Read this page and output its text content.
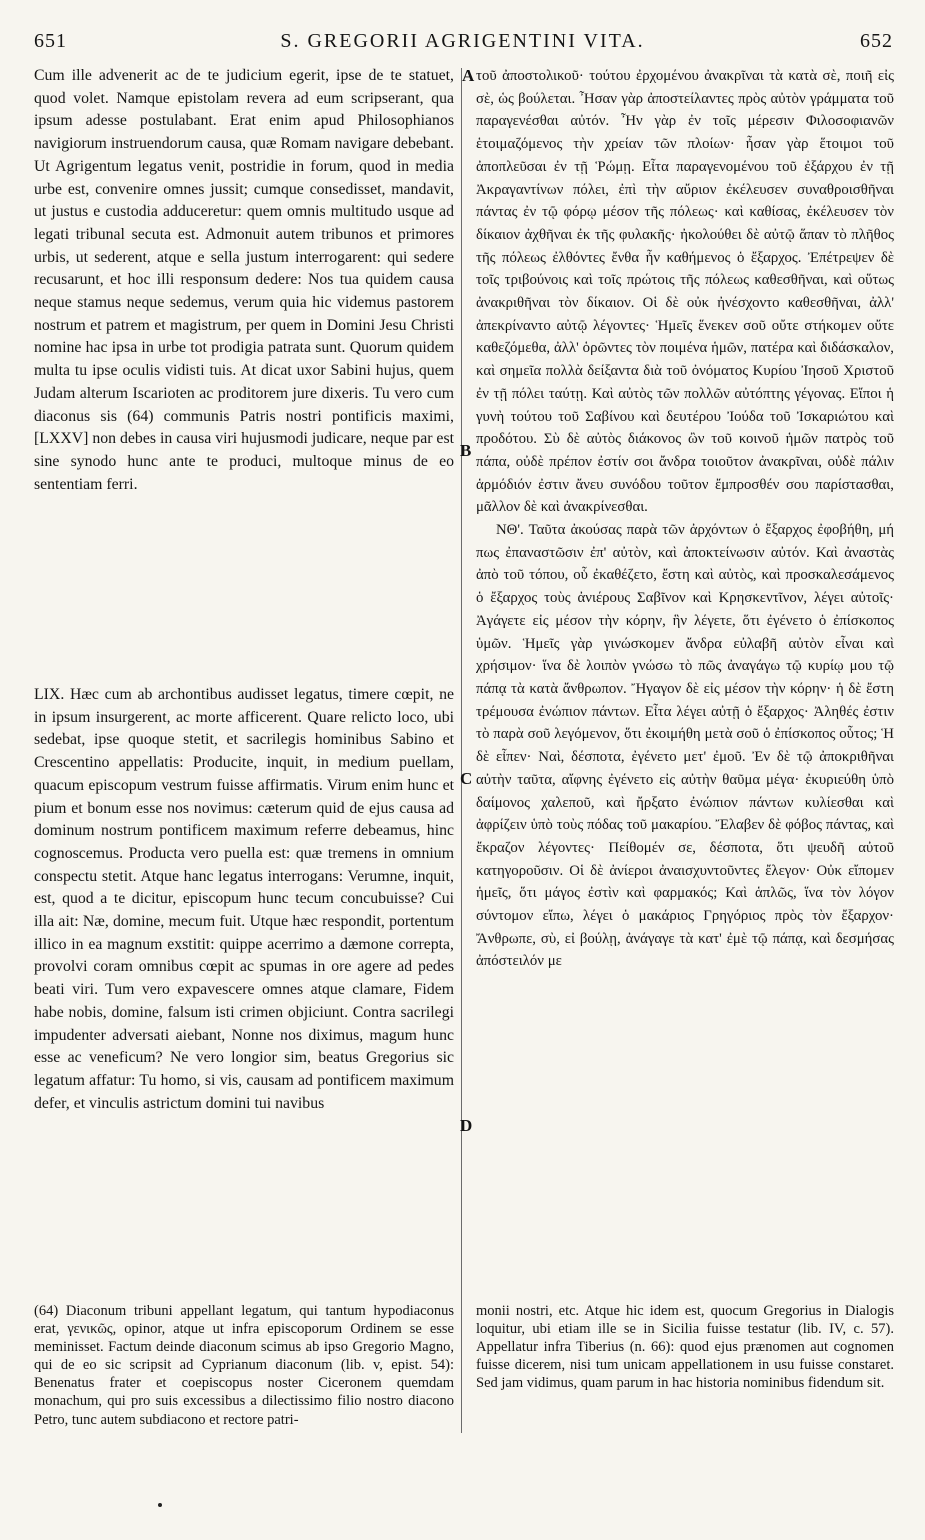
651	S. GREGORII AGRIGENTINI VITA.	652
A
B
C
D

Cum ille advenerit ac de te judicium egerit, ipse de te statuet, quod volet. Namque epistolam revera ad eum scripserant, qua ipsum adesse postulabant. Erat enim apud Philosophianos navigiorum instruendorum causa, quæ Romam navigare debebant. Ut Agrigentum legatus venit, postridie in forum, quod in media urbe est, convenire omnes jussit; cumque consedisset, mandavit, ut justus e custodia adduceretur: quem omnis multitudo usque ad legati tribunal secuta est. Admonuit autem tribunos et primores urbis, ut sederent, atque e sella justum interrogarent: qui sedere recusarunt, et hoc illi responsum dedere: Nos tua quidem causa neque stamus neque sedemus, verum quia hic videmus pastorem nostrum et patrem et magistrum, per quem in Domini Jesu Christi nomine hac ipsa in urbe tot prodigia patrata sunt. Quorum quidem multa tu ipse oculis vidisti tuis. At dicat uxor Sabini hujus, quem Judam alterum Iscarioten ac proditorem jure dixeris. Tu vero cum diaconus sis (64) communis Patris nostri pontificis maximi, [LXXV] non debes in causa viri hujusmodi judicare, neque par est sine synodo hunc ante te produci, multoque minus de eo sententiam ferri.

LIX. Hæc cum ab archontibus audisset legatus, timere cœpit, ne in ipsum insurgerent, ac morte afficerent. Quare relicto loco, ubi sedebat, ipse quoque stetit, et sacrilegis hominibus Sabino et Crescentino appellatis: Producite, inquit, in medium puellam, quacum episcopum vestrum fuisse affirmatis. Virum enim hunc et pium et bonum esse nos novimus: cæterum quid de ejus causa ad dominum nostrum pontificem maximum referre debeamus, hinc cognoscemus. Producta vero puella est: quæ tremens in omnium conspectu stetit. Atque hanc legatus interrogans: Verumne, inquit, est, quod a te dicitur, episcopum hunc tecum concubuisse? Cui illa ait: Næ, domine, mecum fuit. Utque hæc respondit, portentum illico in ea magnum exstitit: quippe acerrimo a dæmone correpta, provolvi coram omnibus cœpit ac spumas in ore agere ad pedes beati viri. Tum vero expavescere omnes atque clamare, Fidem habe nobis, domine, falsum isti crimen objiciunt. Contra sacrilegi impudenter adversati aiebant, Nonne nos diximus, magum hunc esse ac veneficum? Ne vero longior sim, beatus Gregorius sic legatum affatur: Tu homo, si vis, causam ad pontificem maximum defer, et vinculis astrictum domini tui navibus

τοῦ ἀποστολικοῦ· τούτου ἐρχομένου ἀνακρῖναι τὰ κατὰ σὲ, ποιῆ εἰς σὲ, ὡς βούλεται. Ἦσαν γὰρ ἀποστείλαντες πρὸς αὐτὸν γράμματα τοῦ παραγενέσθαι αὐτόν. Ἦν γὰρ ἐν τοῖς μέρεσιν Φιλοσοφιανῶν ἑτοιμαζόμενος τὴν χρείαν τῶν πλοίων· ἦσαν γὰρ ἕτοιμοι τοῦ ἀποπλεῦσαι ἐν τῇ Ῥώμῃ. Εἶτα παραγενομένου τοῦ ἐξάρχου ἐν τῇ Ἀκραγαντίνων πόλει, ἐπὶ τὴν αὔριον ἐκέλευσεν συναθροισθῆναι πάντας ἐν τῷ φόρῳ μέσον τῆς πόλεως· καὶ καθίσας, ἐκέλευσεν τὸν δίκαιον ἀχθῆναι ἐκ τῆς φυλακῆς· ἠκολούθει δὲ αὐτῷ ἅπαν τὸ πλῆθος τῆς πόλεως ἐλθόντες ἔνθα ἦν καθήμενος ὁ ἔξαρχος. Ἐπέτρεψεν δὲ τοῖς τριβούνοις καὶ τοῖς πρώτοις τῆς πόλεως καθεσθῆναι, καὶ οὕτως ἀνακριθῆναι τὸν δίκαιον. Οἱ δὲ οὐκ ἠνέσχοντο καθεσθῆναι, ἀλλ' ἀπεκρίναντο αὐτῷ λέγοντες· Ἡμεῖς ἕνεκεν σοῦ οὔτε στήκομεν οὔτε καθεζόμεθα, ἀλλ' ὁρῶντες τὸν ποιμένα ἡμῶν, πατέρα καὶ διδάσκαλον, καὶ σημεῖα πολλὰ δείξαντα διὰ τοῦ ὀνόματος Κυρίου Ἰησοῦ Χριστοῦ ἐν τῇ πόλει ταύτῃ. Καὶ αὐτὸς τῶν πολλῶν αὐτόπτης γέγονας. Εἴποι ἡ γυνὴ τούτου τοῦ Σαβίνου καὶ δευτέρου Ἰούδα τοῦ Ἰσκαριώτου καὶ προδότου. Σὺ δὲ αὐτὸς διάκονος ὢν τοῦ κοινοῦ ἡμῶν πατρὸς τοῦ πάπα, οὐδὲ πρέπον ἐστίν σοι ἄνδρα τοιοῦτον ἀνακρῖναι, οὐδὲ πάλιν ἁρμόδιόν ἐστιν ἄνευ συνόδου τοῦτον ἔμπροσθέν σου παρίστασθαι, μᾶλλον δὲ καὶ ἀνακρίνεσθαι.

ΝΘ'. Ταῦτα ἀκούσας παρὰ τῶν ἀρχόντων ὁ ἔξαρχος ἐφοβήθη, μή πως ἐπαναστῶσιν ἐπ' αὐτὸν, καὶ ἀποκτείνωσιν αὐτόν. Καὶ ἀναστὰς ἀπὸ τοῦ τόπου, οὗ ἐκαθέζετο, ἔστη καὶ αὐτὸς, καὶ προσκαλεσάμενος ὁ ἔξαρχος τοὺς ἀνιέρους Σαβῖνον καὶ Κρησκεντῖνον, λέγει αὐτοῖς· Ἀγάγετε εἰς μέσον τὴν κόρην, ἣν λέγετε, ὅτι ἐγένετο ὁ ἐπίσκοπος ὑμῶν. Ἡμεῖς γὰρ γινώσκομεν ἄνδρα εὐλαβῆ αὐτὸν εἶναι καὶ χρήσιμον· ἵνα δὲ λοιπὸν γνώσω τὸ πῶς ἀναγάγω τῷ κυρίῳ μου τῷ πάπᾳ τὰ κατὰ ἄνθρωπον. Ἤγαγον δὲ εἰς μέσον τὴν κόρην· ἡ δὲ ἔστη τρέμουσα ἐνώπιον πάντων. Εἶτα λέγει αὐτῇ ὁ ἔξαρχος· Ἀληθές ἐστιν τὸ παρὰ σοῦ λεγόμενον, ὅτι ἐκοιμήθη μετὰ σοῦ ὁ ἐπίσκοπος οὗτος; Ἡ δὲ εἶπεν· Ναὶ, δέσποτα, ἐγένετο μετ' ἐμοῦ. Ἐν δὲ τῷ ἀποκριθῆναι αὐτὴν ταῦτα, αἴφνης ἐγένετο εἰς αὐτὴν θαῦμα μέγα· ἐκυριεύθη ὑπὸ δαίμονος χαλεποῦ, καὶ ἤρξατο ἐνώπιον πάντων κυλίεσθαι καὶ ἀφρίζειν ὑπὸ τοὺς πόδας τοῦ μακαρίου. Ἔλαβεν δὲ φόβος πάντας, καὶ ἔκραζον λέγοντες· Πείθομέν σε, δέσποτα, ὅτι ψευδῆ αὐτοῦ κατηγοροῦσιν. Οἱ δὲ ἀνίεροι ἀναισχυντοῦντες ἔλεγον· Οὐκ εἴπομεν ἡμεῖς, ὅτι μάγος ἐστὶν καὶ φαρμακός; Καὶ ἁπλῶς, ἵνα τὸν λόγον σύντομον εἴπω, λέγει ὁ μακάριος Γρηγόριος πρὸς τὸν ἔξαρχον· Ἄνθρωπε, σὺ, εἰ βούλῃ, ἀνάγαγε τὰ κατ' ἐμὲ τῷ πάπᾳ, καὶ δεσμήσας ἀπόστειλόν με

(64) Diaconum tribuni appellant legatum, qui tantum hypodiaconus erat, γενικῶς, opinor, atque ut infra episcoporum Ordinem se esse meminisset. Factum deinde diaconum scimus ab ipso Gregorio Magno, qui de eo sic scripsit ad Cyprianum diaconum (lib. v, epist. 54): Benenatus frater et coepiscopus noster Ciceronem quemdam monachum, qui pro suis excessibus a dilectissimo filio nostro diacono Petro, tunc autem subdiacono et rectore patri-

monii nostri, etc. Atque hic idem est, quocum Gregorius in Dialogis loquitur, ubi etiam ille se in Sicilia fuisse testatur (lib. IV, c. 57). Appellatur infra Tiberius (n. 66): quod ejus prænomen aut cognomen fuisse dicerem, nisi tum unicam appellationem in usu fuisse constaret. Sed jam vidimus, quam parum in hac historia nominibus fidendum sit.
